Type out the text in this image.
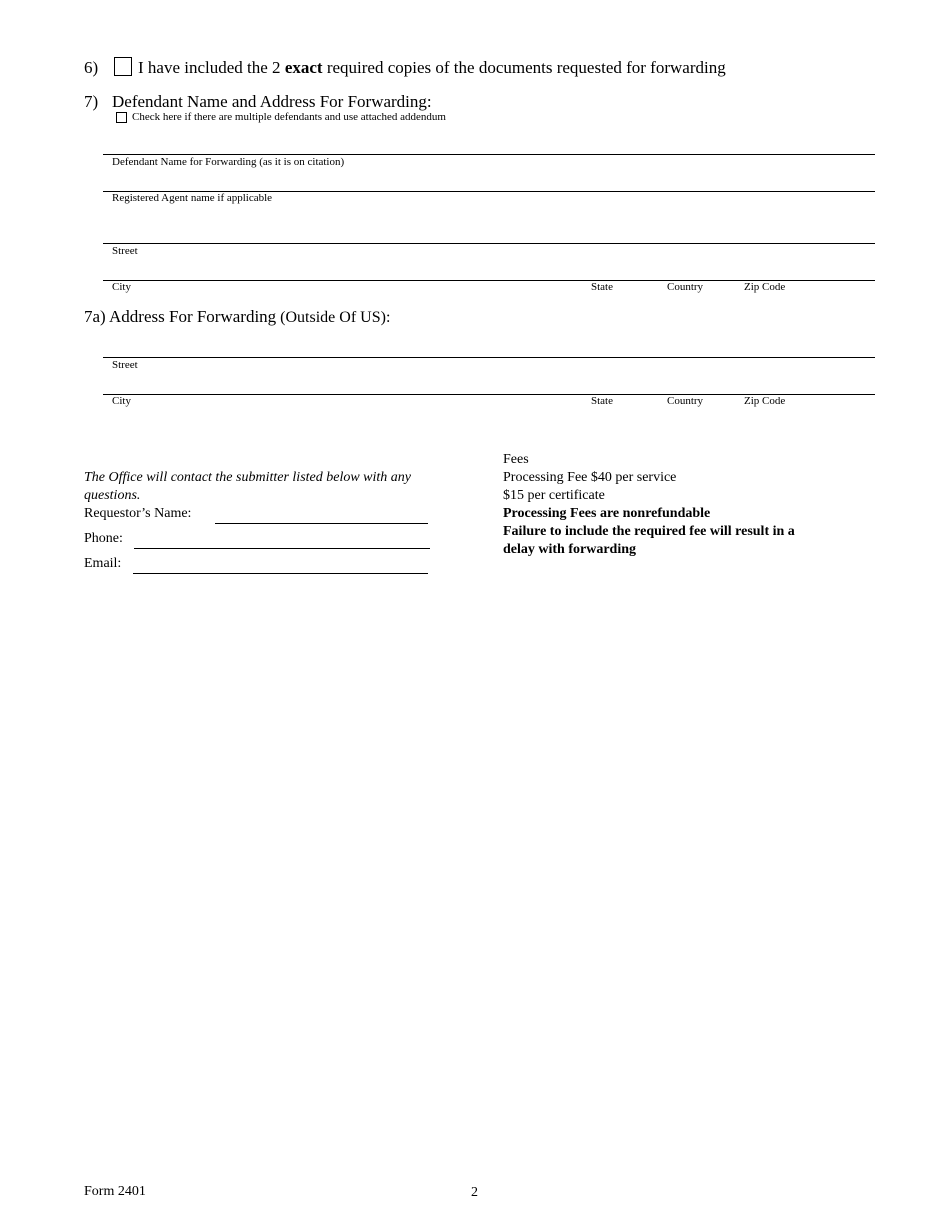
6) I have included the 2 exact required copies of the documents requested for forwarding
7) Defendant Name and Address For Forwarding:
Check here if there are multiple defendants and use attached addendum
Defendant Name for Forwarding (as it is on citation)
Registered Agent name if applicable
Street
City	State	Country	Zip Code
7a) Address For Forwarding (Outside Of US):
Street
City	State	Country	Zip Code
The Office will contact the submitter listed below with any
questions.
Requestor’s Name:
Phone:
Email:
Fees
Processing Fee $40 per service
$15 per certificate
Processing Fees are nonrefundable
Failure to include the required fee will result in a
delay with forwarding
Form 2401	2
